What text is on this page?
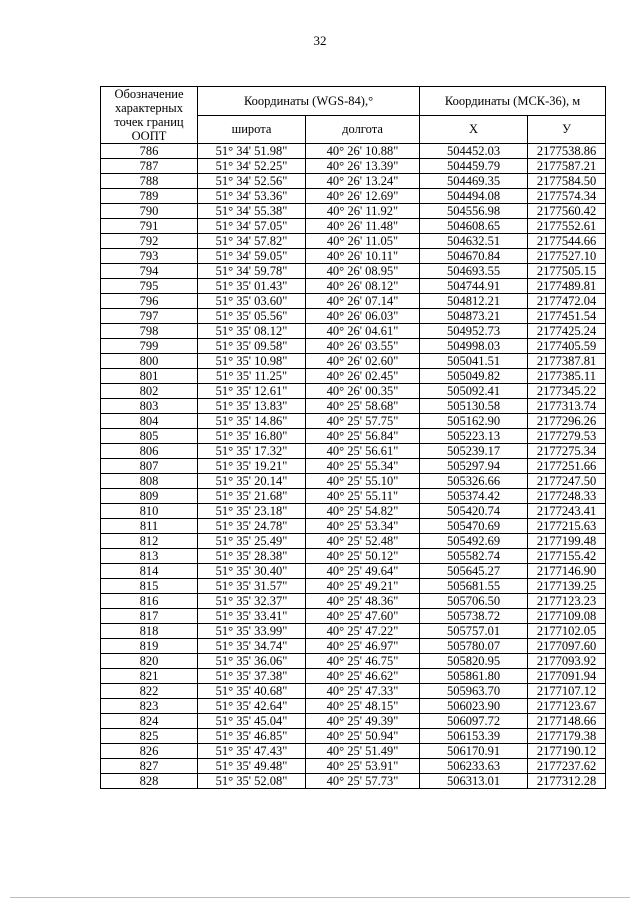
32
Обозначение
характерных
точек границ
ООПТ	Координаты (WGS-84),°		Координаты (МСК-36), м	
	широта	долгота	X	У
786	51° 34' 51.98"	40° 26' 10.88"	504452.03	2177538.86
787	51° 34' 52.25"	40° 26' 13.39"	504459.79	2177587.21
788	51° 34' 52.56"	40° 26' 13.24"	504469.35	2177584.50
789	51° 34' 53.36"	40° 26' 12.69"	504494.08	2177574.34
790	51° 34' 55.38"	40° 26' 11.92"	504556.98	2177560.42
791	51° 34' 57.05"	40° 26' 11.48"	504608.65	2177552.61
792	51° 34' 57.82"	40° 26' 11.05"	504632.51	2177544.66
793	51° 34' 59.05"	40° 26' 10.11"	504670.84	2177527.10
794	51° 34' 59.78"	40° 26' 08.95"	504693.55	2177505.15
795	51° 35' 01.43"	40° 26' 08.12"	504744.91	2177489.81
796	51° 35' 03.60"	40° 26' 07.14"	504812.21	2177472.04
797	51° 35' 05.56"	40° 26' 06.03"	504873.21	2177451.54
798	51° 35' 08.12"	40° 26' 04.61"	504952.73	2177425.24
799	51° 35' 09.58"	40° 26' 03.55"	504998.03	2177405.59
800	51° 35' 10.98"	40° 26' 02.60"	505041.51	2177387.81
801	51° 35' 11.25"	40° 26' 02.45"	505049.82	2177385.11
802	51° 35' 12.61"	40° 26' 00.35"	505092.41	2177345.22
803	51° 35' 13.83"	40° 25' 58.68"	505130.58	2177313.74
804	51° 35' 14.86"	40° 25' 57.75"	505162.90	2177296.26
805	51° 35' 16.80"	40° 25' 56.84"	505223.13	2177279.53
806	51° 35' 17.32"	40° 25' 56.61"	505239.17	2177275.34
807	51° 35' 19.21"	40° 25' 55.34"	505297.94	2177251.66
808	51° 35' 20.14"	40° 25' 55.10"	505326.66	2177247.50
809	51° 35' 21.68"	40° 25' 55.11"	505374.42	2177248.33
810	51° 35' 23.18"	40° 25' 54.82"	505420.74	2177243.41
811	51° 35' 24.78"	40° 25' 53.34"	505470.69	2177215.63
812	51° 35' 25.49"	40° 25' 52.48"	505492.69	2177199.48
813	51° 35' 28.38"	40° 25' 50.12"	505582.74	2177155.42
814	51° 35' 30.40"	40° 25' 49.64"	505645.27	2177146.90
815	51° 35' 31.57"	40° 25' 49.21"	505681.55	2177139.25
816	51° 35' 32.37"	40° 25' 48.36"	505706.50	2177123.23
817	51° 35' 33.41"	40° 25' 47.60"	505738.72	2177109.08
818	51° 35' 33.99"	40° 25' 47.22"	505757.01	2177102.05
819	51° 35' 34.74"	40° 25' 46.97"	505780.07	2177097.60
820	51° 35' 36.06"	40° 25' 46.75"	505820.95	2177093.92
821	51° 35' 37.38"	40° 25' 46.62"	505861.80	2177091.94
822	51° 35' 40.68"	40° 25' 47.33"	505963.70	2177107.12
823	51° 35' 42.64"	40° 25' 48.15"	506023.90	2177123.67
824	51° 35' 45.04"	40° 25' 49.39"	506097.72	2177148.66
825	51° 35' 46.85"	40° 25' 50.94"	506153.39	2177179.38
826	51° 35' 47.43"	40° 25' 51.49"	506170.91	2177190.12
827	51° 35' 49.48"	40° 25' 53.91"	506233.63	2177237.62
828	51° 35' 52.08"	40° 25' 57.73"	506313.01	2177312.28
